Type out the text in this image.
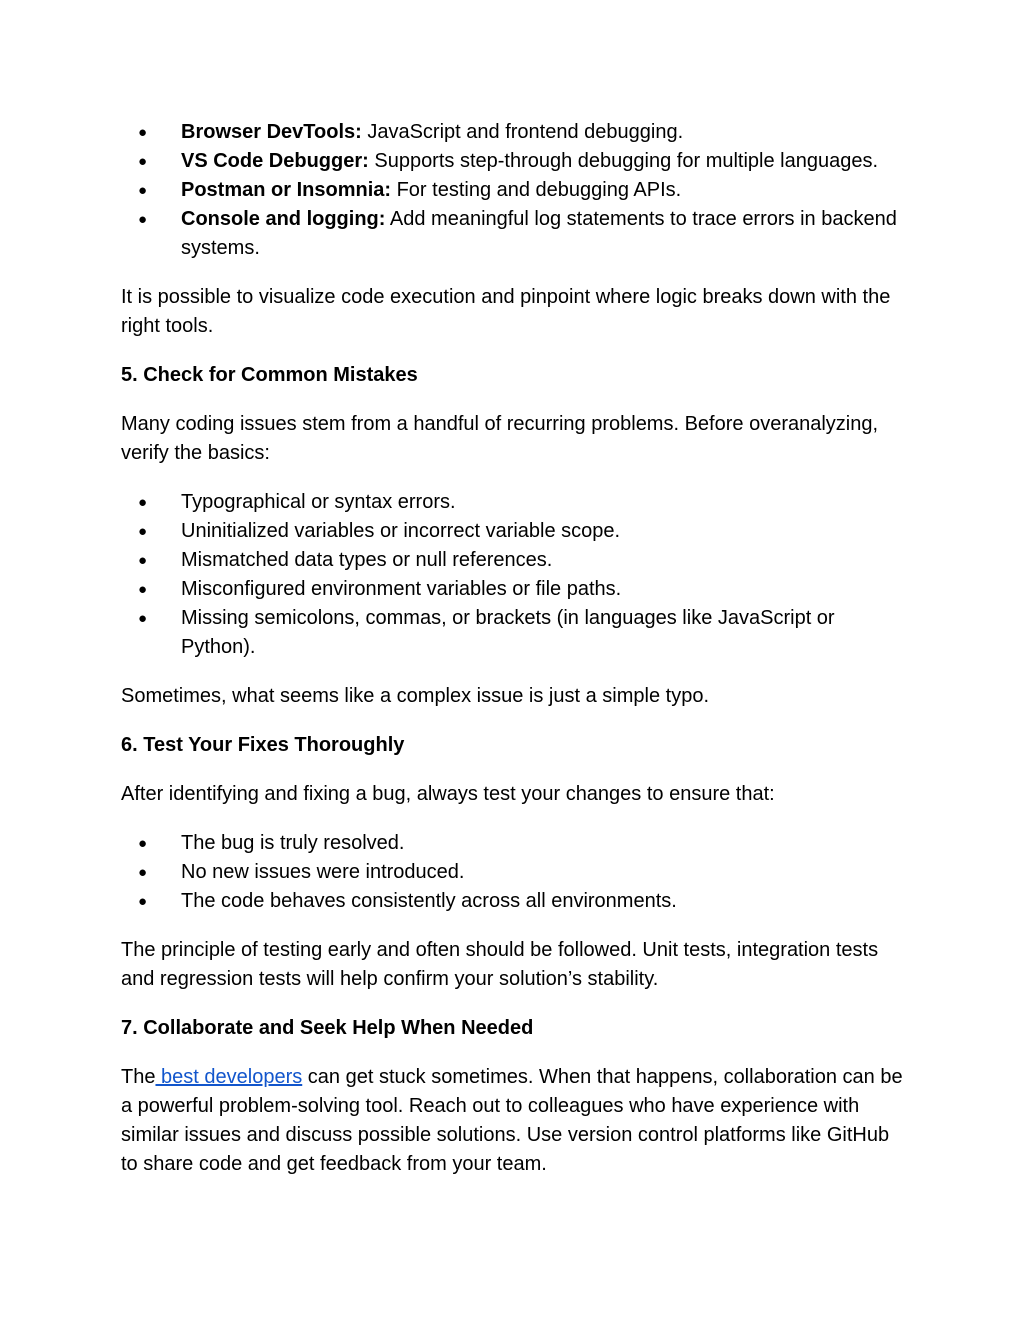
● Browser DevTools: JavaScript and frontend debugging.
● VS Code Debugger: Supports step-through debugging for multiple languages.
● Postman or Insomnia: For testing and debugging APIs.
● Console and logging: Add meaningful log statements to trace errors in backend systems.

It is possible to visualize code execution and pinpoint where logic breaks down with the right tools.

5. Check for Common Mistakes

Many coding issues stem from a handful of recurring problems. Before overanalyzing, verify the basics:

● Typographical or syntax errors.
● Uninitialized variables or incorrect variable scope.
● Mismatched data types or null references.
● Misconfigured environment variables or file paths.
● Missing semicolons, commas, or brackets (in languages like JavaScript or Python).

Sometimes, what seems like a complex issue is just a simple typo.

6. Test Your Fixes Thoroughly

After identifying and fixing a bug, always test your changes to ensure that:

● The bug is truly resolved.
● No new issues were introduced.
● The code behaves consistently across all environments.

The principle of testing early and often should be followed. Unit tests, integration tests and regression tests will help confirm your solution’s stability.

7. Collaborate and Seek Help When Needed

The best developers can get stuck sometimes. When that happens, collaboration can be a powerful problem-solving tool. Reach out to colleagues who have experience with similar issues and discuss possible solutions. Use version control platforms like GitHub to share code and get feedback from your team.
